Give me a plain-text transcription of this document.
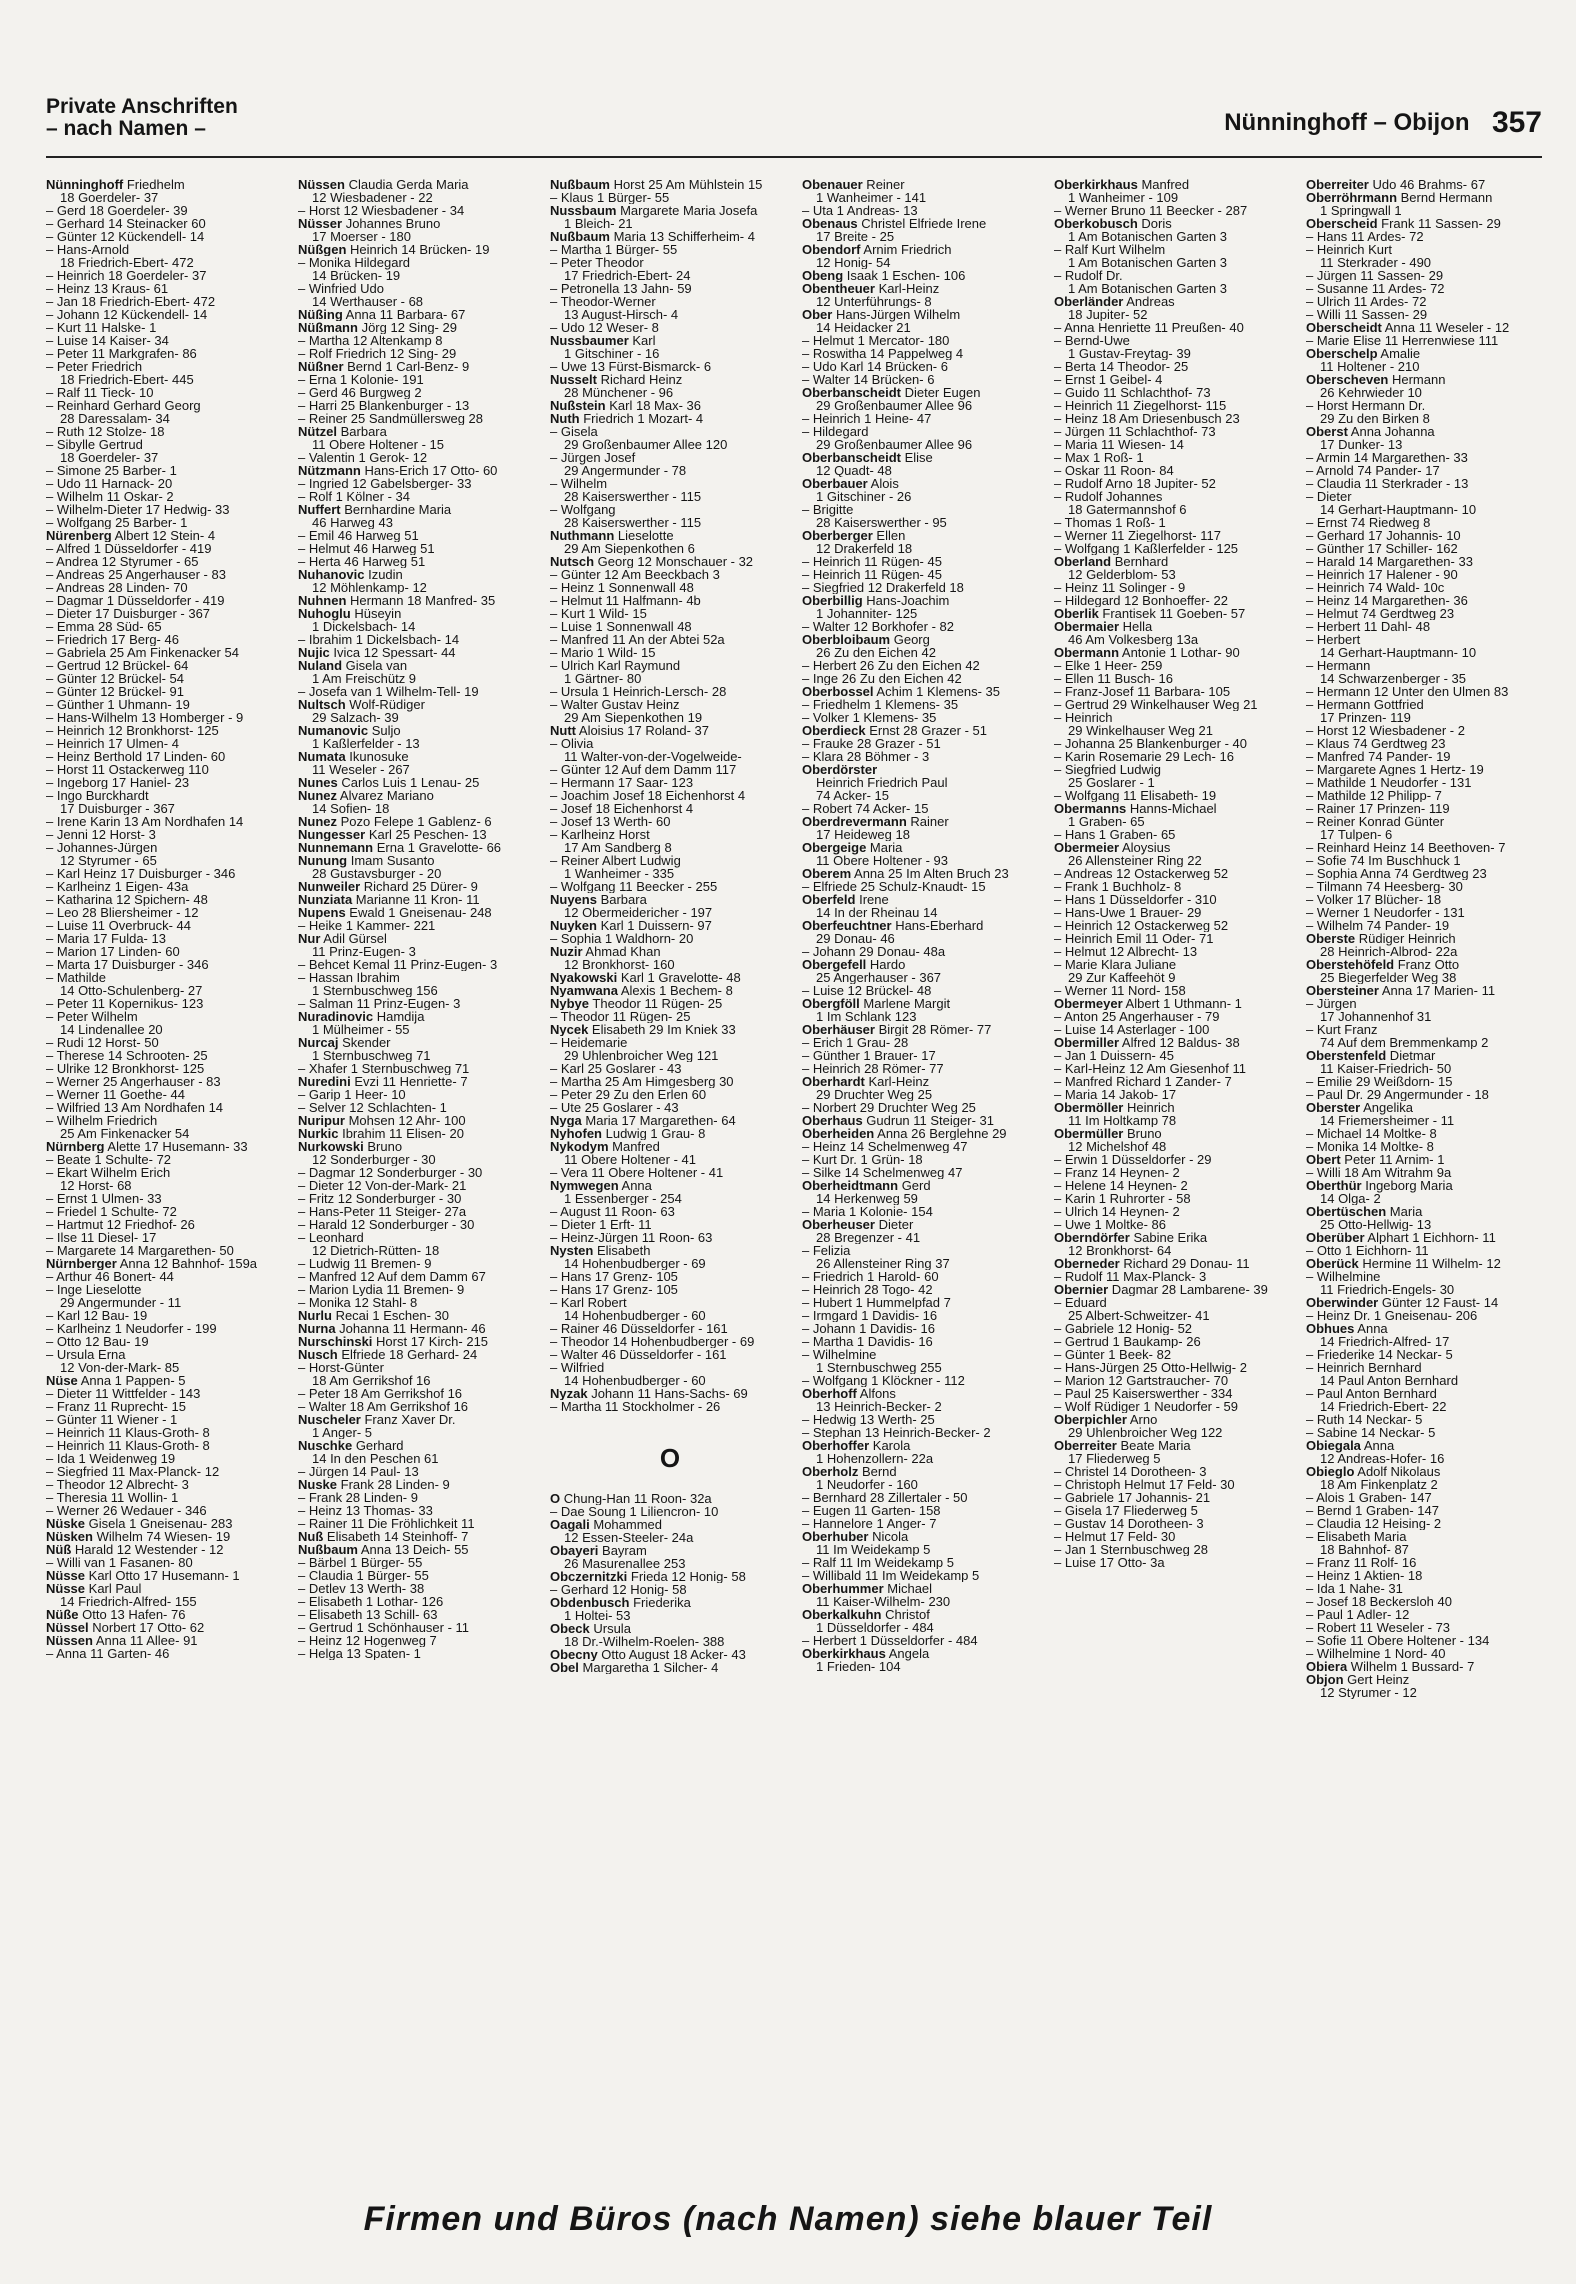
Private Anschriften
– nach Namen –	Nünninghoff – Obijon 357
Nünninghoff Friedhelm
18 Goerdeler- 37
– Gerd 18 Goerdeler- 39
– Gerhard 14 Steinacker 60
– Günter 12 Kückendell- 14
– Hans-Arnold
18 Friedrich-Ebert- 472
– Heinrich 18 Goerdeler- 37
– Heinz 13 Kraus- 61
– Jan 18 Friedrich-Ebert- 472
– Johann 12 Kückendell- 14
– Kurt 11 Halske- 1
– Luise 14 Kaiser- 34
– Peter 11 Markgrafen- 86
– Peter Friedrich
18 Friedrich-Ebert- 445
– Ralf 11 Tieck- 10
– Reinhard Gerhard Georg
28 Daressalam- 34
– Ruth 12 Stolze- 18
– Sibylle Gertrud
18 Goerdeler- 37
– Simone 25 Barber- 1
– Udo 11 Harnack- 20
– Wilhelm 11 Oskar- 2
– Wilhelm-Dieter 17 Hedwig- 33
– Wolfgang 25 Barber- 1
Nürenberg Albert 12 Stein- 4
– Alfred 1 Düsseldorfer - 419
– Andrea 12 Styrumer - 65
– Andreas 25 Angerhauser - 83
– Andreas 28 Linden- 70
– Dagmar 1 Düsseldorfer - 419
– Dieter 17 Duisburger - 367
– Emma 28 Süd- 65
– Friedrich 17 Berg- 46
– Gabriela 25 Am Finkenacker 54
– Gertrud 12 Brückel- 64
– Günter 12 Brückel- 54
– Günter 12 Brückel- 91
– Günther 1 Uhmann- 19
– Hans-Wilhelm 13 Homberger - 9
– Heinrich 12 Bronkhorst- 125
– Heinrich 17 Ulmen- 4
– Heinz Berthold 17 Linden- 60
– Horst 11 Ostackerweg 110
– Ingeborg 17 Haniel- 23
– Ingo Burckhardt
17 Duisburger - 367
– Irene Karin 13 Am Nordhafen 14
– Jenni 12 Horst- 3
– Johannes-Jürgen
12 Styrumer - 65
– Karl Heinz 17 Duisburger - 346
– Karlheinz 1 Eigen- 43a
– Katharina 12 Spichern- 48
– Leo 28 Bliersheimer - 12
– Luise 11 Overbruck- 44
– Maria 17 Fulda- 13
– Marion 17 Linden- 60
– Marta 17 Duisburger - 346
– Mathilde
14 Otto-Schulenberg- 27
– Peter 11 Kopernikus- 123
– Peter Wilhelm
14 Lindenallee 20
– Rudi 12 Horst- 50
– Therese 14 Schrooten- 25
– Ulrike 12 Bronkhorst- 125
– Werner 25 Angerhauser - 83
– Werner 11 Goethe- 44
– Wilfried 13 Am Nordhafen 14
– Wilhelm Friedrich
25 Am Finkenacker 54
Nürnberg Alette 17 Husemann- 33
– Beate 1 Schulte- 72
– Ekart Wilhelm Erich
12 Horst- 68
– Ernst 1 Ulmen- 33
– Friedel 1 Schulte- 72
– Hartmut 12 Friedhof- 26
– Ilse 11 Diesel- 17
– Margarete 14 Margarethen- 50
Nürnberger Anna 12 Bahnhof- 159a
– Arthur 46 Bonert- 44
– Inge Lieselotte
29 Angermunder - 11
– Karl 12 Bau- 19
– Karlheinz 1 Neudorfer - 199
– Otto 12 Bau- 19
– Ursula Erna
12 Von-der-Mark- 85
Nüse Anna 1 Pappen- 5
– Dieter 11 Wittfelder - 143
– Franz 11 Ruprecht- 15
– Günter 11 Wiener - 1
– Heinrich 11 Klaus-Groth- 8
– Heinrich 11 Klaus-Groth- 8
– Ida 1 Weidenweg 19
– Siegfried 11 Max-Planck- 12
– Theodor 12 Albrecht- 3
– Theresia 11 Wollin- 1
– Werner 26 Wedauer - 346
Nüske Gisela 1 Gneisenau- 283
Nüsken Wilhelm 74 Wiesen- 19
Nüß Harald 12 Westender - 12
– Willi van 1 Fasanen- 80
Nüsse Karl Otto 17 Husemann- 1
Nüsse Karl Paul
14 Friedrich-Alfred- 155
Nüße Otto 13 Hafen- 76
Nüssel Norbert 17 Otto- 62
Nüssen Anna 11 Allee- 91
– Anna 11 Garten- 46
Nüssen Claudia Gerda Maria
12 Wiesbadener - 22
– Horst 12 Wiesbadener - 34
Nüsser Johannes Bruno
17 Moerser - 180
Nüßgen Heinrich 14 Brücken- 19
– Monika Hildegard
14 Brücken- 19
– Winfried Udo
14 Werthauser - 68
Nüßing Anna 11 Barbara- 67
Nüßmann Jörg 12 Sing- 29
– Martha 12 Altenkamp 8
– Rolf Friedrich 12 Sing- 29
Nüßner Bernd 1 Carl-Benz- 9
– Erna 1 Kolonie- 191
– Gerd 46 Burgweg 2
– Harri 25 Blankenburger - 13
– Reiner 25 Sandmüllersweg 28
Nützel Barbara
11 Obere Holtener - 15
– Valentin 1 Gerok- 12
Nützmann Hans-Erich 17 Otto- 60
– Ingried 12 Gabelsberger- 33
– Rolf 1 Kölner - 34
Nuffert Bernhardine Maria
46 Harweg 43
– Emil 46 Harweg 51
– Helmut 46 Harweg 51
– Herta 46 Harweg 51
Nuhanovic Izudin
12 Möhlenkamp- 12
Nuhnen Hermann 18 Manfred- 35
Nuhoglu Hüseyin
1 Dickelsbach- 14
– Ibrahim 1 Dickelsbach- 14
Nujic Ivica 12 Spessart- 44
Nuland Gisela van
1 Am Freischütz 9
– Josefa van 1 Wilhelm-Tell- 19
Nultsch Wolf-Rüdiger
29 Salzach- 39
Numanovic Suljo
1 Kaßlerfelder - 13
Numata Ikunosuke
11 Weseler - 267
Nunes Carlos Luis 1 Lenau- 25
Nunez Alvarez Mariano
14 Sofien- 18
Nunez Pozo Felepe 1 Gablenz- 6
Nungesser Karl 25 Peschen- 13
Nunnemann Erna 1 Gravelotte- 66
Nunung Imam Susanto
28 Gustavsburger - 20
Nunweiler Richard 25 Dürer- 9
Nunziata Marianne 11 Kron- 11
Nupens Ewald 1 Gneisenau- 248
– Heike 1 Kammer- 221
Nur Adil Gürsel
11 Prinz-Eugen- 3
– Behcet Kemal 11 Prinz-Eugen- 3
– Hassan Ibrahim
1 Sternbuschweg 156
– Salman 11 Prinz-Eugen- 3
Nuradinovic Hamdija
1 Mülheimer - 55
Nurcaj Skender
1 Sternbuschweg 71
– Xhafer 1 Sternbuschweg 71
Nuredini Evzi 11 Henriette- 7
– Garip 1 Heer- 10
– Selver 12 Schlachten- 1
Nuripur Mohsen 12 Ahr- 100
Nurkic Ibrahim 11 Elisen- 20
Nurkowski Bruno
12 Sonderburger - 30
– Dagmar 12 Sonderburger - 30
– Dieter 12 Von-der-Mark- 21
– Fritz 12 Sonderburger - 30
– Hans-Peter 11 Steiger- 27a
– Harald 12 Sonderburger - 30
– Leonhard
12 Dietrich-Rütten- 18
– Ludwig 11 Bremen- 9
– Manfred 12 Auf dem Damm 67
– Marion Lydia 11 Bremen- 9
– Monika 12 Stahl- 8
Nurlu Recai 1 Eschen- 30
Nurna Johanna 11 Hermann- 46
Nurschinski Horst 17 Kirch- 215
Nusch Elfriede 18 Gerhard- 24
– Horst-Günter
18 Am Gerrikshof 16
– Peter 18 Am Gerrikshof 16
– Walter 18 Am Gerrikshof 16
Nuscheler Franz Xaver Dr.
1 Anger- 5
Nuschke Gerhard
14 In den Peschen 61
– Jürgen 14 Paul- 13
Nuske Frank 28 Linden- 9
– Frank 28 Linden- 9
– Heinz 13 Thomas- 33
– Rainer 11 Die Fröhlichkeit 11
Nuß Elisabeth 14 Steinhoff- 7
Nußbaum Anna 13 Deich- 55
– Bärbel 1 Bürger- 55
– Claudia 1 Bürger- 55
– Detlev 13 Werth- 38
– Elisabeth 1 Lothar- 126
– Elisabeth 13 Schill- 63
– Gertrud 1 Schönhauser - 11
– Heinz 12 Hogenweg 7
– Helga 13 Spaten- 1
Nußbaum Horst 25 Am Mühlstein 15
– Klaus 1 Bürger- 55
Nussbaum Margarete Maria Josefa
1 Bleich- 21
Nußbaum Maria 13 Schifferheim- 4
– Martha 1 Bürger- 55
– Peter Theodor
17 Friedrich-Ebert- 24
– Petronella 13 Jahn- 59
– Theodor-Werner
13 August-Hirsch- 4
– Udo 12 Weser- 8
Nussbaumer Karl
1 Gitschiner - 16
– Uwe 13 Fürst-Bismarck- 6
Nusselt Richard Heinz
28 Münchener - 96
Nußstein Karl 18 Max- 36
Nuth Friedrich 1 Mozart- 4
– Gisela
29 Großenbaumer Allee 120
– Jürgen Josef
29 Angermunder - 78
– Wilhelm
28 Kaiserswerther - 115
– Wolfgang
28 Kaiserswerther - 115
Nuthmann Lieselotte
29 Am Siepenkothen 6
Nutsch Georg 12 Monschauer - 32
– Günter 12 Am Beeckbach 3
– Heinz 1 Sonnenwall 48
– Helmut 11 Halfmann- 4b
– Kurt 1 Wild- 15
– Luise 1 Sonnenwall 48
– Manfred 11 An der Abtei 52a
– Mario 1 Wild- 15
– Ulrich Karl Raymund
1 Gärtner- 80
– Ursula 1 Heinrich-Lersch- 28
– Walter Gustav Heinz
29 Am Siepenkothen 19
Nutt Aloisius 17 Roland- 37
– Olivia
11 Walter-von-der-Vogelweide-
– Günter 12 Auf dem Damm 117
– Hermann 17 Saar- 123
– Joachim Josef 18 Eichenhorst 4
– Josef 18 Eichenhorst 4
– Josef 13 Werth- 60
– Karlheinz Horst
17 Am Sandberg 8
– Reiner Albert Ludwig
1 Wanheimer - 335
– Wolfgang 11 Beecker - 255
Nuyens Barbara
12 Obermeidericher - 197
Nuyken Karl 1 Duissern- 97
– Sophia 1 Waldhorn- 20
Nuzir Ahmad Khan
12 Bronkhorst- 160
Nyakowski Karl 1 Gravelotte- 48
Nyamwana Alexis 1 Bechem- 8
Nybye Theodor 11 Rügen- 25
– Theodor 11 Rügen- 25
Nycek Elisabeth 29 Im Kniek 33
– Heidemarie
29 Uhlenbroicher Weg 121
– Karl 25 Goslarer - 43
– Martha 25 Am Himgesberg 30
– Peter 29 Zu den Erlen 60
– Ute 25 Goslarer - 43
Nyga Maria 17 Margarethen- 64
Nyhofen Ludwig 1 Grau- 8
Nykodym Manfred
11 Obere Holtener - 41
– Vera 11 Obere Holtener - 41
Nymwegen Anna
1 Essenberger - 254
– August 11 Roon- 63
– Dieter 1 Erft- 11
– Heinz-Jürgen 11 Roon- 63
Nysten Elisabeth
14 Hohenbudberger - 69
– Hans 17 Grenz- 105
– Hans 17 Grenz- 105
– Karl Robert
14 Hohenbudberger - 60
– Rainer 46 Düsseldorfer - 161
– Theodor 14 Hohenbudberger - 69
– Walter 46 Düsseldorfer - 161
– Wilfried
14 Hohenbudberger - 60
Nyzak Johann 11 Hans-Sachs- 69
– Martha 11 Stockholmer - 26
O
O Chung-Han 11 Roon- 32a
– Dae Soung 1 Liliencron- 10
Oagali Mohammed
12 Essen-Steeler- 24a
Obayeri Bayram
26 Masurenallee 253
Obczernitzki Frieda 12 Honig- 58
– Gerhard 12 Honig- 58
Obdenbusch Friederika
1 Holtei- 53
Obeck Ursula
18 Dr.-Wilhelm-Roelen- 388
Obecny Otto August 18 Acker- 43
Obel Margaretha 1 Silcher- 4
Obenauer Reiner
1 Wanheimer - 141
– Uta 1 Andreas- 13
Obenaus Christel Elfriede Irene
17 Breite - 25
Obendorf Arnim Friedrich
12 Honig- 54
Obeng Isaak 1 Eschen- 106
Obentheuer Karl-Heinz
12 Unterführungs- 8
Ober Hans-Jürgen Wilhelm
14 Heidacker 21
– Helmut 1 Mercator- 180
– Roswitha 14 Pappelweg 4
– Udo Karl 14 Brücken- 6
– Walter 14 Brücken- 6
Oberbanscheidt Dieter Eugen
29 Großenbaumer Allee 96
– Heinrich 1 Heine- 47
– Hildegard
29 Großenbaumer Allee 96
Oberbanscheidt Elise
12 Quadt- 48
Oberbauer Alois
1 Gitschiner - 26
– Brigitte
28 Kaiserswerther - 95
Oberberger Ellen
12 Drakerfeld 18
– Heinrich 11 Rügen- 45
– Heinrich 11 Rügen- 45
– Siegfried 12 Drakerfeld 18
Oberbillig Hans-Joachim
1 Johanniter- 125
– Walter 12 Borkhofer - 82
Oberbloibaum Georg
26 Zu den Eichen 42
– Herbert 26 Zu den Eichen 42
– Inge 26 Zu den Eichen 42
Oberbossel Achim 1 Klemens- 35
– Friedhelm 1 Klemens- 35
– Volker 1 Klemens- 35
Oberdieck Ernst 28 Grazer - 51
– Frauke 28 Grazer - 51
– Klara 28 Böhmer - 3
Oberdörster
Heinrich Friedrich Paul
74 Acker- 15
– Robert 74 Acker- 15
Oberdrevermann Rainer
17 Heideweg 18
Obergeige Maria
11 Obere Holtener - 93
Oberem Anna 25 Im Alten Bruch 23
– Elfriede 25 Schulz-Knaudt- 15
Oberfeld Irene
14 In der Rheinau 14
Oberfeuchtner Hans-Eberhard
29 Donau- 46
– Johann 29 Donau- 48a
Obergefell Hardo
25 Angerhauser - 367
– Luise 12 Brückel- 48
Obergföll Marlene Margit
1 Im Schlank 123
Oberhäuser Birgit 28 Römer- 77
– Erich 1 Grau- 28
– Günther 1 Brauer- 17
– Heinrich 28 Römer- 77
Oberhardt Karl-Heinz
29 Druchter Weg 25
– Norbert 29 Druchter Weg 25
Oberhaus Gudrun 11 Steiger- 31
Oberheiden Anna 26 Berglehne 29
– Heinz 14 Schelmenweg 47
– Kurt Dr. 1 Grün- 18
– Silke 14 Schelmenweg 47
Oberheidtmann Gerd
14 Herkenweg 59
– Maria 1 Kolonie- 154
Oberheuser Dieter
28 Bregenzer - 41
– Felizia
26 Allensteiner Ring 37
– Friedrich 1 Harold- 60
– Heinrich 28 Togo- 42
– Hubert 1 Hummelpfad 7
– Irmgard 1 Davidis- 16
– Johann 1 Davidis- 16
– Martha 1 Davidis- 16
– Wilhelmine
1 Sternbuschweg 255
– Wolfgang 1 Klöckner - 112
Oberhoff Alfons
13 Heinrich-Becker- 2
– Hedwig 13 Werth- 25
– Stephan 13 Heinrich-Becker- 2
Oberhoffer Karola
1 Hohenzollern- 22a
Oberholz Bernd
1 Neudorfer - 160
– Bernhard 28 Zillertaler - 50
– Eugen 11 Garten- 158
– Hannelore 1 Anger- 7
Oberhuber Nicola
11 Im Weidekamp 5
– Ralf 11 Im Weidekamp 5
– Willibald 11 Im Weidekamp 5
Oberhummer Michael
11 Kaiser-Wilhelm- 230
Oberkalkuhn Christof
1 Düsseldorfer - 484
– Herbert 1 Düsseldorfer - 484
Oberkirkhaus Angela
1 Frieden- 104
Oberkirkhaus Manfred
1 Wanheimer - 109
– Werner Bruno 11 Beecker - 287
Oberkobusch Doris
1 Am Botanischen Garten 3
– Ralf Kurt Wilhelm
1 Am Botanischen Garten 3
– Rudolf Dr.
1 Am Botanischen Garten 3
Oberländer Andreas
18 Jupiter- 52
– Anna Henriette 11 Preußen- 40
– Bernd-Uwe
1 Gustav-Freytag- 39
– Berta 14 Theodor- 25
– Ernst 1 Geibel- 4
– Guido 11 Schlachthof- 73
– Heinrich 11 Ziegelhorst- 115
– Heinz 18 Am Driesenbusch 23
– Jürgen 11 Schlachthof- 73
– Maria 11 Wiesen- 14
– Max 1 Roß- 1
– Oskar 11 Roon- 84
– Rudolf Arno 18 Jupiter- 52
– Rudolf Johannes
18 Gatermannshof 6
– Thomas 1 Roß- 1
– Werner 11 Ziegelhorst- 117
– Wolfgang 1 Kaßlerfelder - 125
Oberland Bernhard
12 Gelderblom- 53
– Heinz 11 Solinger - 9
– Hildegard 12 Bonhoeffer- 22
Oberlik Frantisek 11 Goeben- 57
Obermaier Hella
46 Am Volkesberg 13a
Obermann Antonie 1 Lothar- 90
– Elke 1 Heer- 259
– Ellen 11 Busch- 16
– Franz-Josef 11 Barbara- 105
– Gertrud 29 Winkelhauser Weg 21
– Heinrich
29 Winkelhauser Weg 21
– Johanna 25 Blankenburger - 40
– Karin Rosemarie 29 Lech- 16
– Siegfried Ludwig
25 Goslarer - 1
– Wolfgang 11 Elisabeth- 19
Obermanns Hanns-Michael
1 Graben- 65
– Hans 1 Graben- 65
Obermeier Aloysius
26 Allensteiner Ring 22
– Andreas 12 Ostackerweg 52
– Frank 1 Buchholz- 8
– Hans 1 Düsseldorfer - 310
– Hans-Uwe 1 Brauer- 29
– Heinrich 12 Ostackerweg 52
– Heinrich Emil 11 Oder- 71
– Helmut 12 Albrecht- 13
– Marie Klara Juliane
29 Zur Kaffeehöt 9
– Werner 11 Nord- 158
Obermeyer Albert 1 Uthmann- 1
– Anton 25 Angerhauser - 79
– Luise 14 Asterlager - 100
Obermiller Alfred 12 Baldus- 38
– Jan 1 Duissern- 45
– Karl-Heinz 12 Am Giesenhof 11
– Manfred Richard 1 Zander- 7
– Maria 14 Jakob- 17
Obermöller Heinrich
11 Im Holtkamp 78
Obermüller Bruno
12 Michelshof 48
– Erwin 1 Düsseldorfer - 29
– Franz 14 Heynen- 2
– Helene 14 Heynen- 2
– Karin 1 Ruhrorter - 58
– Ulrich 14 Heynen- 2
– Uwe 1 Moltke- 86
Oberndörfer Sabine Erika
12 Bronkhorst- 64
Oberneder Richard 29 Donau- 11
– Rudolf 11 Max-Planck- 3
Obernier Dagmar 28 Lambarene- 39
– Eduard
25 Albert-Schweitzer- 41
– Gabriele 12 Honig- 52
– Gertrud 1 Baukamp- 26
– Günter 1 Beek- 82
– Hans-Jürgen 25 Otto-Hellwig- 2
– Marion 12 Gartstraucher- 70
– Paul 25 Kaiserswerther - 334
– Wolf Rüdiger 1 Neudorfer - 59
Oberpichler Arno
29 Uhlenbroicher Weg 122
Oberreiter Beate Maria
17 Fliederweg 5
– Christel 14 Dorotheen- 3
– Christoph Helmut 17 Feld- 30
– Gabriele 17 Johannis- 21
– Gisela 17 Fliederweg 5
– Gustav 14 Dorotheen- 3
– Helmut 17 Feld- 30
– Jan 1 Sternbuschweg 28
– Luise 17 Otto- 3a
Oberreiter Udo 46 Brahms- 67
Oberröhrmann Bernd Hermann
1 Springwall 1
Oberscheid Frank 11 Sassen- 29
– Hans 11 Ardes- 72
– Heinrich Kurt
11 Sterkrader - 490
– Jürgen 11 Sassen- 29
– Susanne 11 Ardes- 72
– Ulrich 11 Ardes- 72
– Willi 11 Sassen- 29
Oberscheidt Anna 11 Weseler - 12
– Marie Elise 11 Herrenwiese 111
Oberschelp Amalie
11 Holtener - 210
Oberscheven Hermann
26 Kehrwieder 10
– Horst Hermann Dr.
29 Zu den Birken 8
Oberst Anna Johanna
17 Dunker- 13
– Armin 14 Margarethen- 33
– Arnold 74 Pander- 17
– Claudia 11 Sterkrader - 13
– Dieter
14 Gerhart-Hauptmann- 10
– Ernst 74 Riedweg 8
– Gerhard 17 Johannis- 10
– Günther 17 Schiller- 162
– Harald 14 Margarethen- 33
– Heinrich 17 Halener - 90
– Heinrich 74 Wald- 10c
– Heinz 14 Margarethen- 36
– Helmut 74 Gerdtweg 23
– Herbert 11 Dahl- 48
– Herbert
14 Gerhart-Hauptmann- 10
– Hermann
14 Schwarzenberger - 35
– Hermann 12 Unter den Ulmen 83
– Hermann Gottfried
17 Prinzen- 119
– Horst 12 Wiesbadener - 2
– Klaus 74 Gerdtweg 23
– Manfred 74 Pander- 19
– Margarete Agnes 1 Hertz- 19
– Mathilde 1 Neudorfer - 131
– Mathilde 12 Philipp- 7
– Rainer 17 Prinzen- 119
– Reiner Konrad Günter
17 Tulpen- 6
– Reinhard Heinz 14 Beethoven- 7
– Sofie 74 Im Buschhuck 1
– Sophia Anna 74 Gerdtweg 23
– Tilmann 74 Heesberg- 30
– Volker 17 Blücher- 18
– Werner 1 Neudorfer - 131
– Wilhelm 74 Pander- 19
Oberste Rüdiger Heinrich
28 Heinrich-Albrod- 22a
Oberstehöfeld Franz Otto
25 Biegerfelder Weg 38
Obersteiner Anna 17 Marien- 11
– Jürgen
17 Johannenhof 31
– Kurt Franz
74 Auf dem Bremmenkamp 2
Oberstenfeld Dietmar
11 Kaiser-Friedrich- 50
– Emilie 29 Weißdorn- 15
– Paul Dr. 29 Angermunder - 18
Oberster Angelika
14 Friemersheimer - 11
– Michael 14 Moltke- 8
– Monika 14 Moltke- 8
Obert Peter 11 Arnim- 1
– Willi 18 Am Witrahm 9a
Oberthür Ingeborg Maria
14 Olga- 2
Obertüschen Maria
25 Otto-Hellwig- 13
Oberüber Alphart 1 Eichhorn- 11
– Otto 1 Eichhorn- 11
Oberück Hermine 11 Wilhelm- 12
– Wilhelmine
11 Friedrich-Engels- 30
Oberwinder Günter 12 Faust- 14
– Heinz Dr. 1 Gneisenau- 206
Obhues Anna
14 Friedrich-Alfred- 17
– Friederike 14 Neckar- 5
– Heinrich Bernhard
14 Paul Anton Bernhard
– Paul Anton Bernhard
14 Friedrich-Ebert- 22
– Ruth 14 Neckar- 5
– Sabine 14 Neckar- 5
Obiegala Anna
12 Andreas-Hofer- 16
Obieglo Adolf Nikolaus
18 Am Finkenplatz 2
– Alois 1 Graben- 147
– Bernd 1 Graben- 147
– Claudia 12 Heising- 2
– Elisabeth Maria
18 Bahnhof- 87
– Franz 11 Rolf- 16
– Heinz 1 Aktien- 18
– Ida 1 Nahe- 31
– Josef 18 Beckersloh 40
– Paul 1 Adler- 12
– Robert 11 Weseler - 73
– Sofie 11 Obere Holtener - 134
– Wilhelmine 1 Nord- 40
Obiera Wilhelm 1 Bussard- 7
Objon Gert Heinz
12 Styrumer - 12
Firmen und Büros (nach Namen) siehe blauer Teil
